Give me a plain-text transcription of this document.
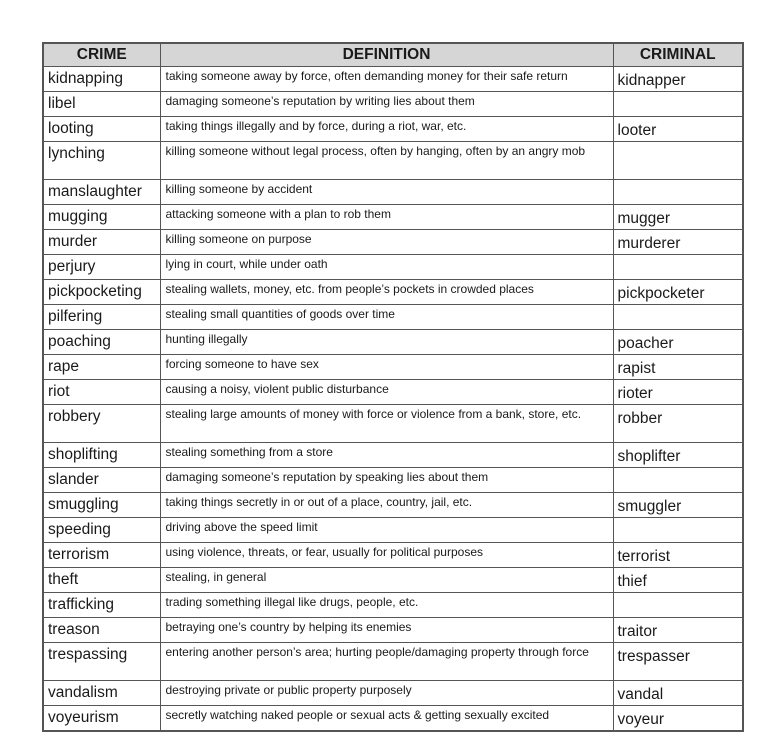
CRIME	DEFINITION	CRIMINAL
kidnapping	taking someone away by force, often demanding money for their safe return	kidnapper
libel	damaging someone’s reputation by writing lies about them	
looting	taking things illegally and by force, during a riot, war, etc.	looter
lynching	killing someone without legal process, often by hanging, often by an angry mob	
manslaughter	killing someone by accident	
mugging	attacking someone with a plan to rob them	mugger
murder	killing someone on purpose	murderer
perjury	lying in court, while under oath	
pickpocketing	stealing wallets, money, etc. from people’s pockets in crowded places	pickpocketer
pilfering	stealing small quantities of goods over time	
poaching	hunting illegally	poacher
rape	forcing someone to have sex	rapist
riot	causing a noisy, violent public disturbance	rioter
robbery	stealing large amounts of money with force or violence from a bank, store, etc.	robber
shoplifting	stealing something from a store	shoplifter
slander	damaging someone’s reputation by speaking lies about them	
smuggling	taking things secretly in or out of a place, country, jail, etc.	smuggler
speeding	driving above the speed limit	
terrorism	using violence, threats, or fear, usually for political purposes	terrorist
theft	stealing, in general	thief
trafficking	trading something illegal like drugs, people, etc.	
treason	betraying one’s country by helping its enemies	traitor
trespassing	entering another person’s area; hurting people/damaging property through force	trespasser
vandalism	destroying private or public property purposely	vandal
voyeurism	secretly watching naked people or sexual acts & getting sexually excited	voyeur
